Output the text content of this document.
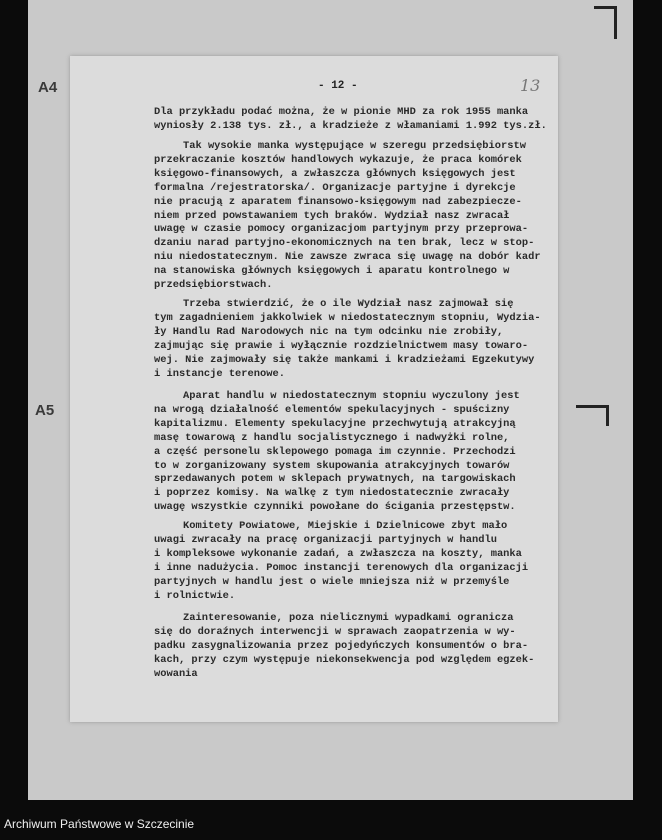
A4
A5
- 12 -	13
Dla przykładu podać można, że w pionie MHD za rok 1955 manka
wyniosły 2.138 tys. zł., a kradzieże z włamaniami 1.992 tys.zł.
Tak wysokie manka występujące w szeregu przedsiębiorstw
przekraczanie kosztów handlowych wykazuje, że praca komórek
księgowo-finansowych, a zwłaszcza głównych księgowych jest
formalna /rejestratorska/. Organizacje partyjne i dyrekcje
nie pracują z aparatem finansowo-księgowym nad zabezpiecze-
niem przed powstawaniem tych braków. Wydział nasz zwracał
uwagę w czasie pomocy organizacjom partyjnym przy przeprowa-
dzaniu narad partyjno-ekonomicznych na ten brak, lecz w stop-
niu niedostatecznym. Nie zawsze zwraca się uwagę na dobór kadr
na stanowiska głównych księgowych i aparatu kontrolnego w
przedsiębiorstwach.
Trzeba stwierdzić, że o ile Wydział nasz zajmował się
tym zagadnieniem jakkolwiek w niedostatecznym stopniu, Wydzia-
ły Handlu Rad Narodowych nic na tym odcinku nie zrobiły,
zajmując się prawie i wyłącznie rozdzielnictwem masy towaro-
wej. Nie zajmowały się także mankami i kradzieżami Egzekutywy
i instancje terenowe.
Aparat handlu w niedostatecznym stopniu wyczulony jest
na wrogą działalność elementów spekulacyjnych - spuścizny
kapitalizmu. Elementy spekulacyjne przechwytują atrakcyjną
masę towarową z handlu socjalistycznego i nadwyżki rolne,
a część personelu sklepowego pomaga im czynnie. Przechodzi
to w zorganizowany system skupowania atrakcyjnych towarów
sprzedawanych potem w sklepach prywatnych, na targowiskach
i poprzez komisy. Na walkę z tym niedostatecznie zwracały
uwagę wszystkie czynniki powołane do ścigania przestępstw.
Komitety Powiatowe, Miejskie i Dzielnicowe zbyt mało
uwagi zwracały na pracę organizacji partyjnych w handlu
i kompleksowe wykonanie zadań, a zwłaszcza na koszty, manka
i inne nadużycia. Pomoc instancji terenowych dla organizacji
partyjnych w handlu jest o wiele mniejsza niż w przemyśle
i rolnictwie.
Zainteresowanie, poza nielicznymi wypadkami ogranicza
się do doraźnych interwencji w sprawach zaopatrzenia w wy-
padku zasygnalizowania przez pojedyńczych konsumentów o bra-
kach, przy czym występuje niekonsekwencja pod względem egzek-
wowania
Archiwum Państwowe w Szczecinie
